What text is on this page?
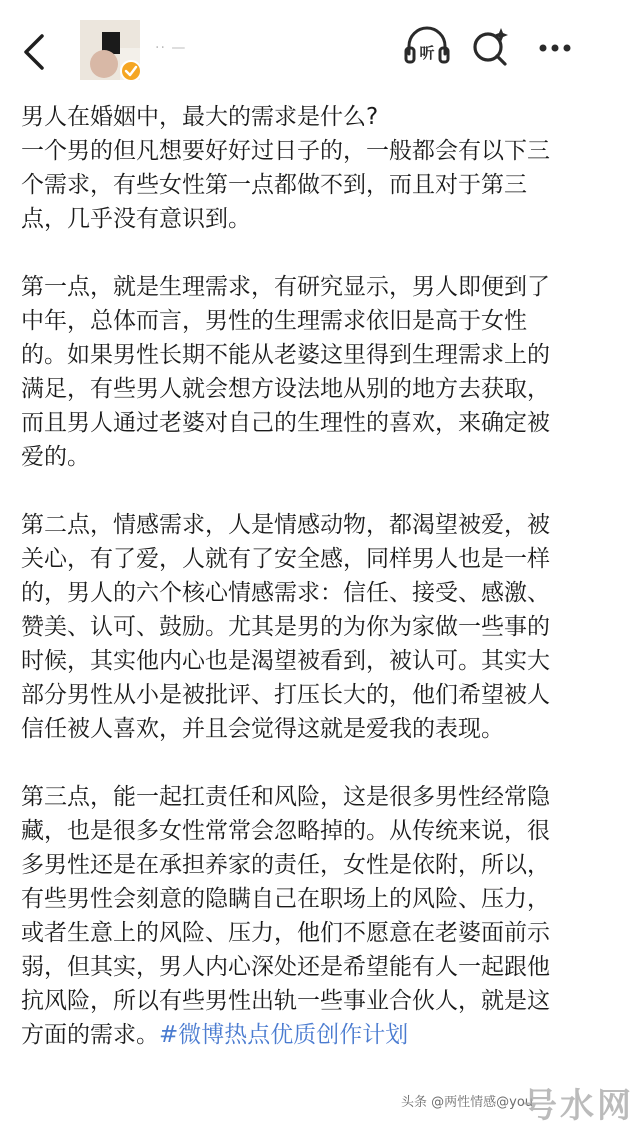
·· —	听
男人在婚姻中，最大的需求是什么?
一个男的但凡想要好好过日子的，一般都会有以下三
个需求，有些女性第一点都做不到，而且对于第三
点，几乎没有意识到。
第一点，就是生理需求，有研究显示，男人即便到了
中年，总体而言，男性的生理需求依旧是高于女性
的。如果男性长期不能从老婆这里得到生理需求上的
满足，有些男人就会想方设法地从别的地方去获取，
而且男人通过老婆对自己的生理性的喜欢，来确定被
爱的。
第二点，情感需求，人是情感动物，都渴望被爱，被
关心，有了爱，人就有了安全感，同样男人也是一样
的，男人的六个核心情感需求：信任、接受、感激、
赞美、认可、鼓励。尤其是男的为你为家做一些事的
时候，其实他内心也是渴望被看到，被认可。其实大
部分男性从小是被批评、打压长大的，他们希望被人
信任被人喜欢，并且会觉得这就是爱我的表现。
第三点，能一起扛责任和风险，这是很多男性经常隐
藏，也是很多女性常常会忽略掉的。从传统来说，很
多男性还是在承担养家的责任，女性是依附，所以，
有些男性会刻意的隐瞒自己在职场上的风险、压力，
或者生意上的风险、压力，他们不愿意在老婆面前示
弱，但其实，男人内心深处还是希望能有人一起跟他
抗风险，所以有些男性出轨一些事业合伙人，就是这
方面的需求。#微博热点优质创作计划
头条 @两性情感@you
号水网
